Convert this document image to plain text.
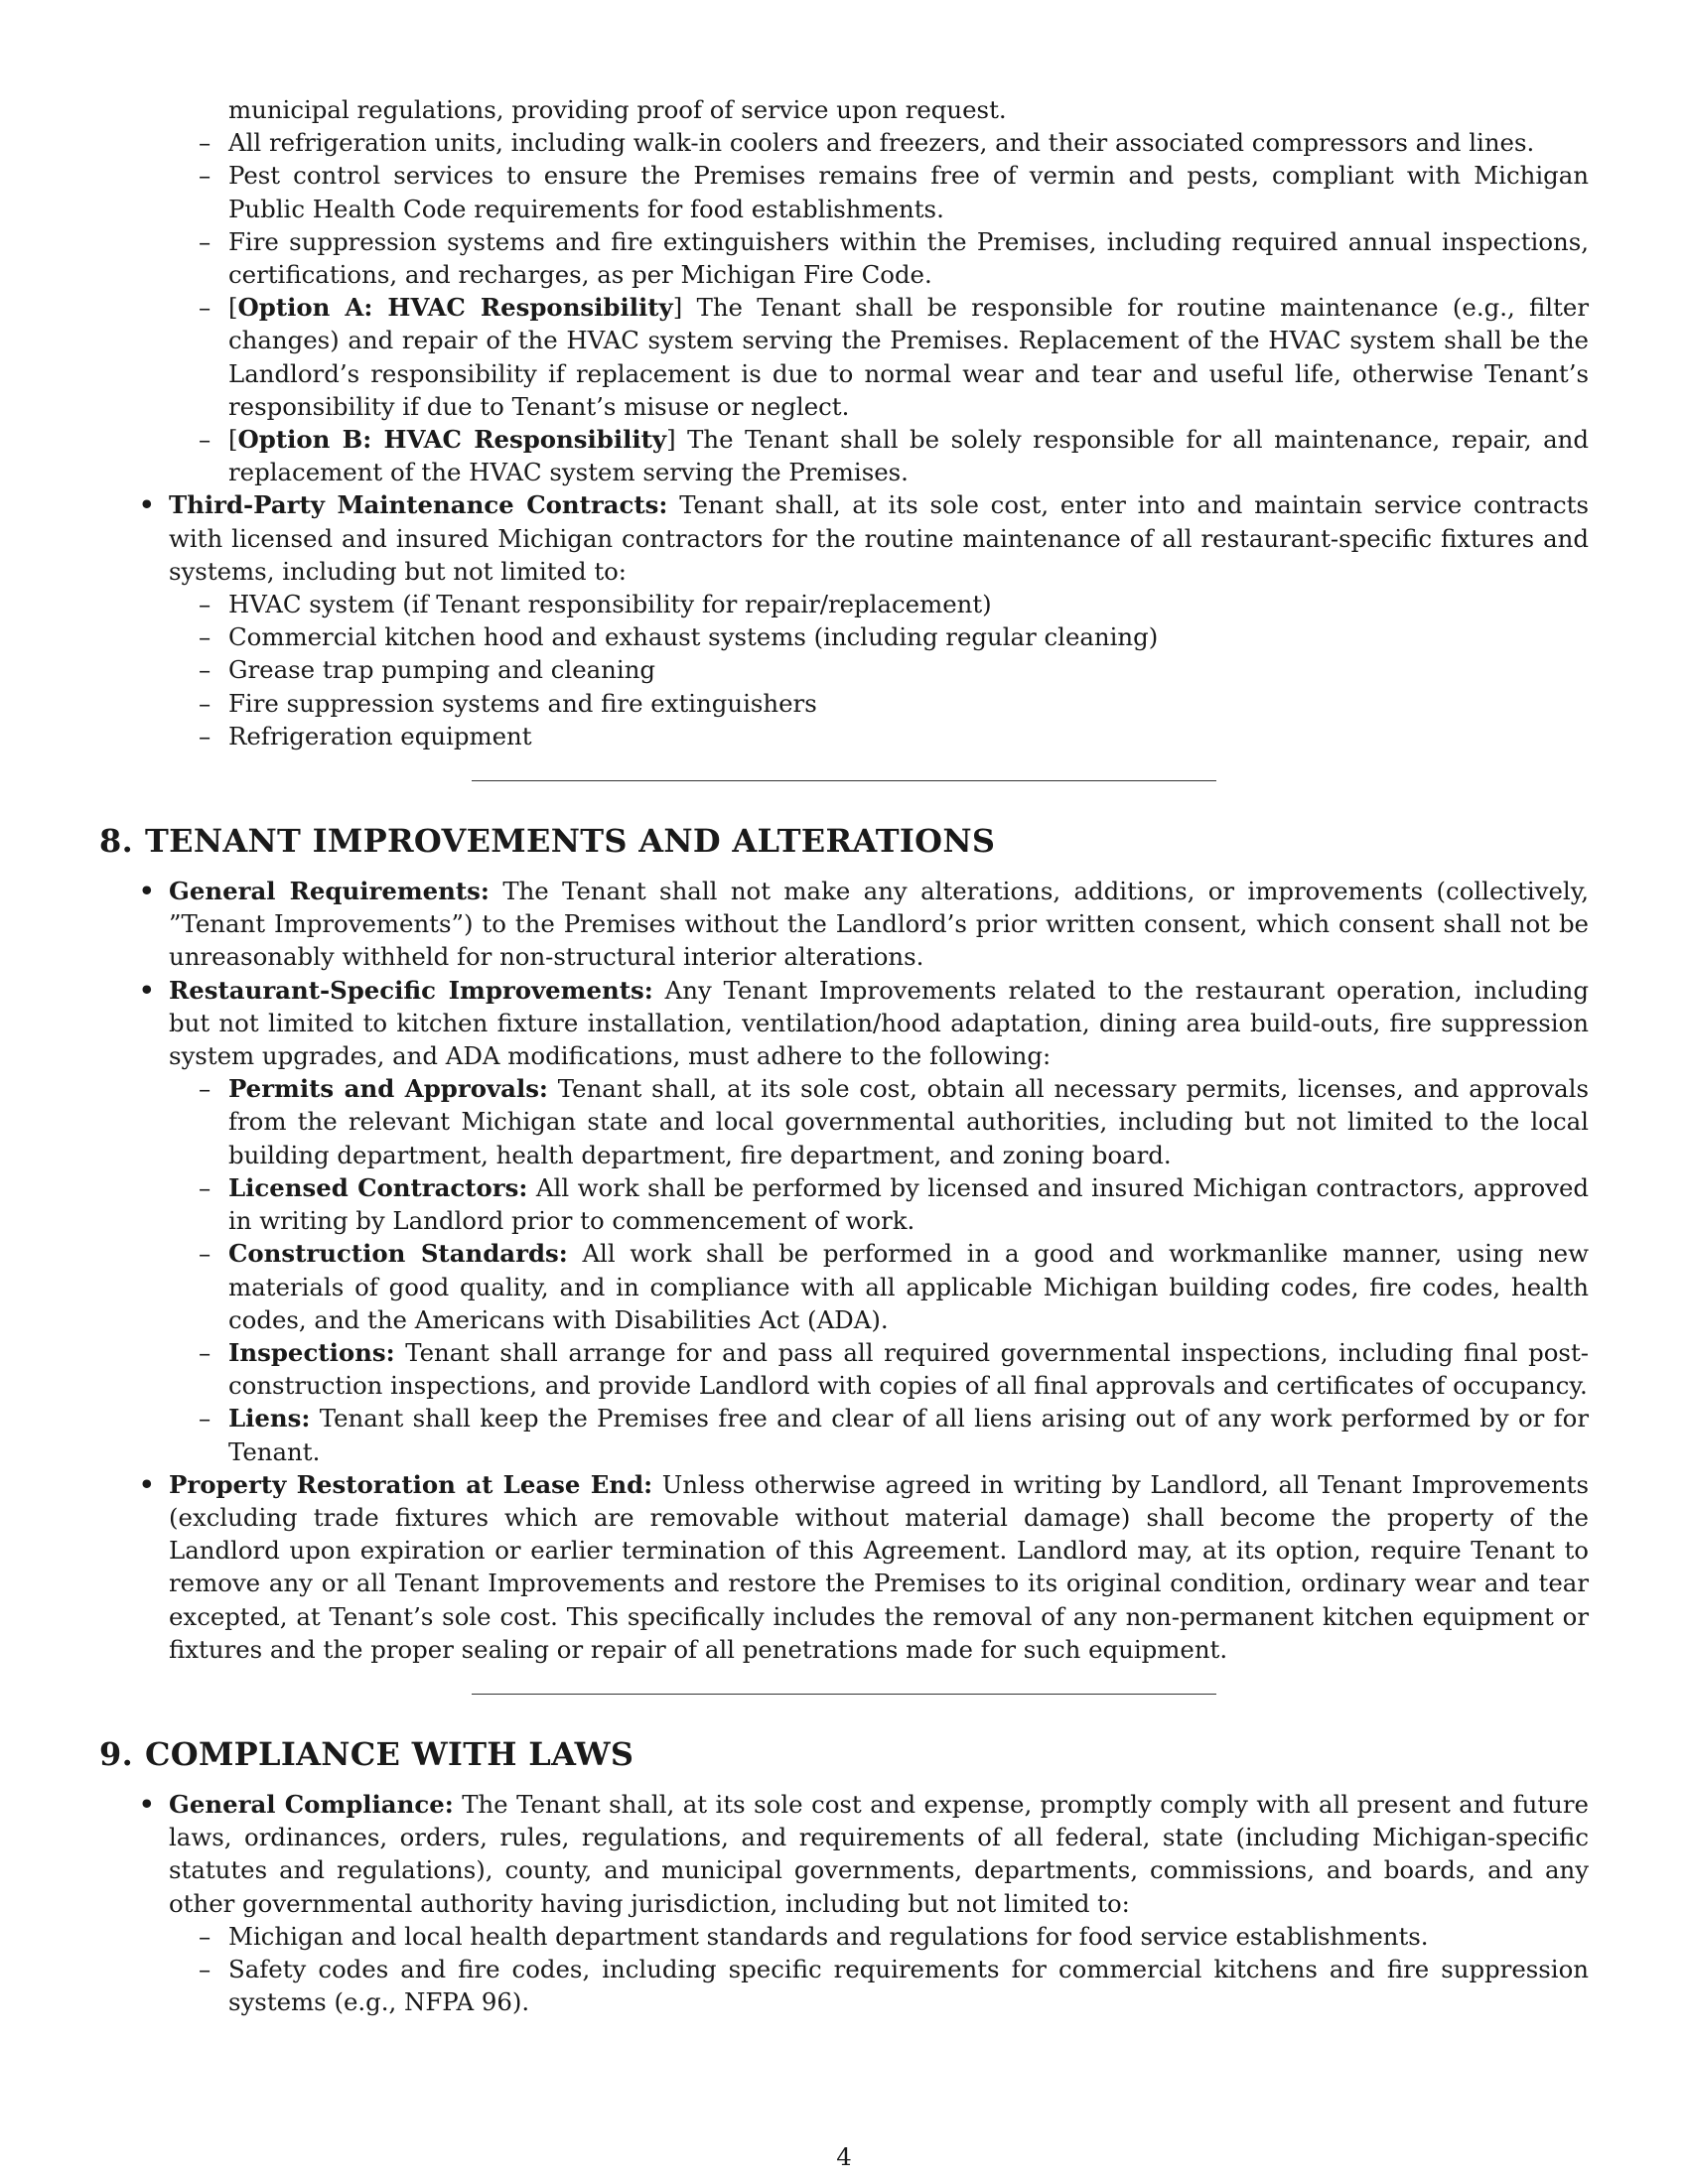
municipal regulations, providing proof of service upon request.
– All refrigeration units, including walk-in coolers and freezers, and their associated compressors and lines.
– Pest control services to ensure the Premises remains free of vermin and pests, compliant with Michigan Public Health Code requirements for food establishments.
– Fire suppression systems and fire extinguishers within the Premises, including required annual inspections, certifications, and recharges, as per Michigan Fire Code.
– [Option A: HVAC Responsibility] The Tenant shall be responsible for routine maintenance (e.g., filter changes) and repair of the HVAC system serving the Premises. Replacement of the HVAC system shall be the Landlord’s responsibility if replacement is due to normal wear and tear and useful life, otherwise Tenant’s responsibility if due to Tenant’s misuse or neglect.
– [Option B: HVAC Responsibility] The Tenant shall be solely responsible for all maintenance, repair, and replacement of the HVAC system serving the Premises.
• Third-Party Maintenance Contracts: Tenant shall, at its sole cost, enter into and maintain service contracts with licensed and insured Michigan contractors for the routine maintenance of all restaurant-specific fixtures and systems, including but not limited to:
– HVAC system (if Tenant responsibility for repair/replacement)
– Commercial kitchen hood and exhaust systems (including regular cleaning)
– Grease trap pumping and cleaning
– Fire suppression systems and fire extinguishers
– Refrigeration equipment
8. TENANT IMPROVEMENTS AND ALTERATIONS
• General Requirements: The Tenant shall not make any alterations, additions, or improvements (collectively, ”Tenant Improvements”) to the Premises without the Landlord’s prior written consent, which consent shall not be unreasonably withheld for non-structural interior alterations.
• Restaurant-Specific Improvements: Any Tenant Improvements related to the restaurant operation, including but not limited to kitchen fixture installation, ventilation/hood adaptation, dining area build-outs, fire suppression system upgrades, and ADA modifications, must adhere to the following:
– Permits and Approvals: Tenant shall, at its sole cost, obtain all necessary permits, licenses, and approvals from the relevant Michigan state and local governmental authorities, including but not limited to the local building department, health department, fire department, and zoning board.
– Licensed Contractors: All work shall be performed by licensed and insured Michigan contractors, approved in writing by Landlord prior to commencement of work.
– Construction Standards: All work shall be performed in a good and workmanlike manner, using new materials of good quality, and in compliance with all applicable Michigan building codes, fire codes, health codes, and the Americans with Disabilities Act (ADA).
– Inspections: Tenant shall arrange for and pass all required governmental inspections, including final post-construction inspections, and provide Landlord with copies of all final approvals and certificates of occupancy.
– Liens: Tenant shall keep the Premises free and clear of all liens arising out of any work performed by or for Tenant.
• Property Restoration at Lease End: Unless otherwise agreed in writing by Landlord, all Tenant Improvements (excluding trade fixtures which are removable without material damage) shall become the property of the Landlord upon expiration or earlier termination of this Agreement. Landlord may, at its option, require Tenant to remove any or all Tenant Improvements and restore the Premises to its original condition, ordinary wear and tear excepted, at Tenant’s sole cost. This specifically includes the removal of any non-permanent kitchen equipment or fixtures and the proper sealing or repair of all penetrations made for such equipment.
9. COMPLIANCE WITH LAWS
• General Compliance: The Tenant shall, at its sole cost and expense, promptly comply with all present and future laws, ordinances, orders, rules, regulations, and requirements of all federal, state (including Michigan-specific statutes and regulations), county, and municipal governments, departments, commissions, and boards, and any other governmental authority having jurisdiction, including but not limited to:
– Michigan and local health department standards and regulations for food service establishments.
– Safety codes and fire codes, including specific requirements for commercial kitchens and fire suppression systems (e.g., NFPA 96).
4
